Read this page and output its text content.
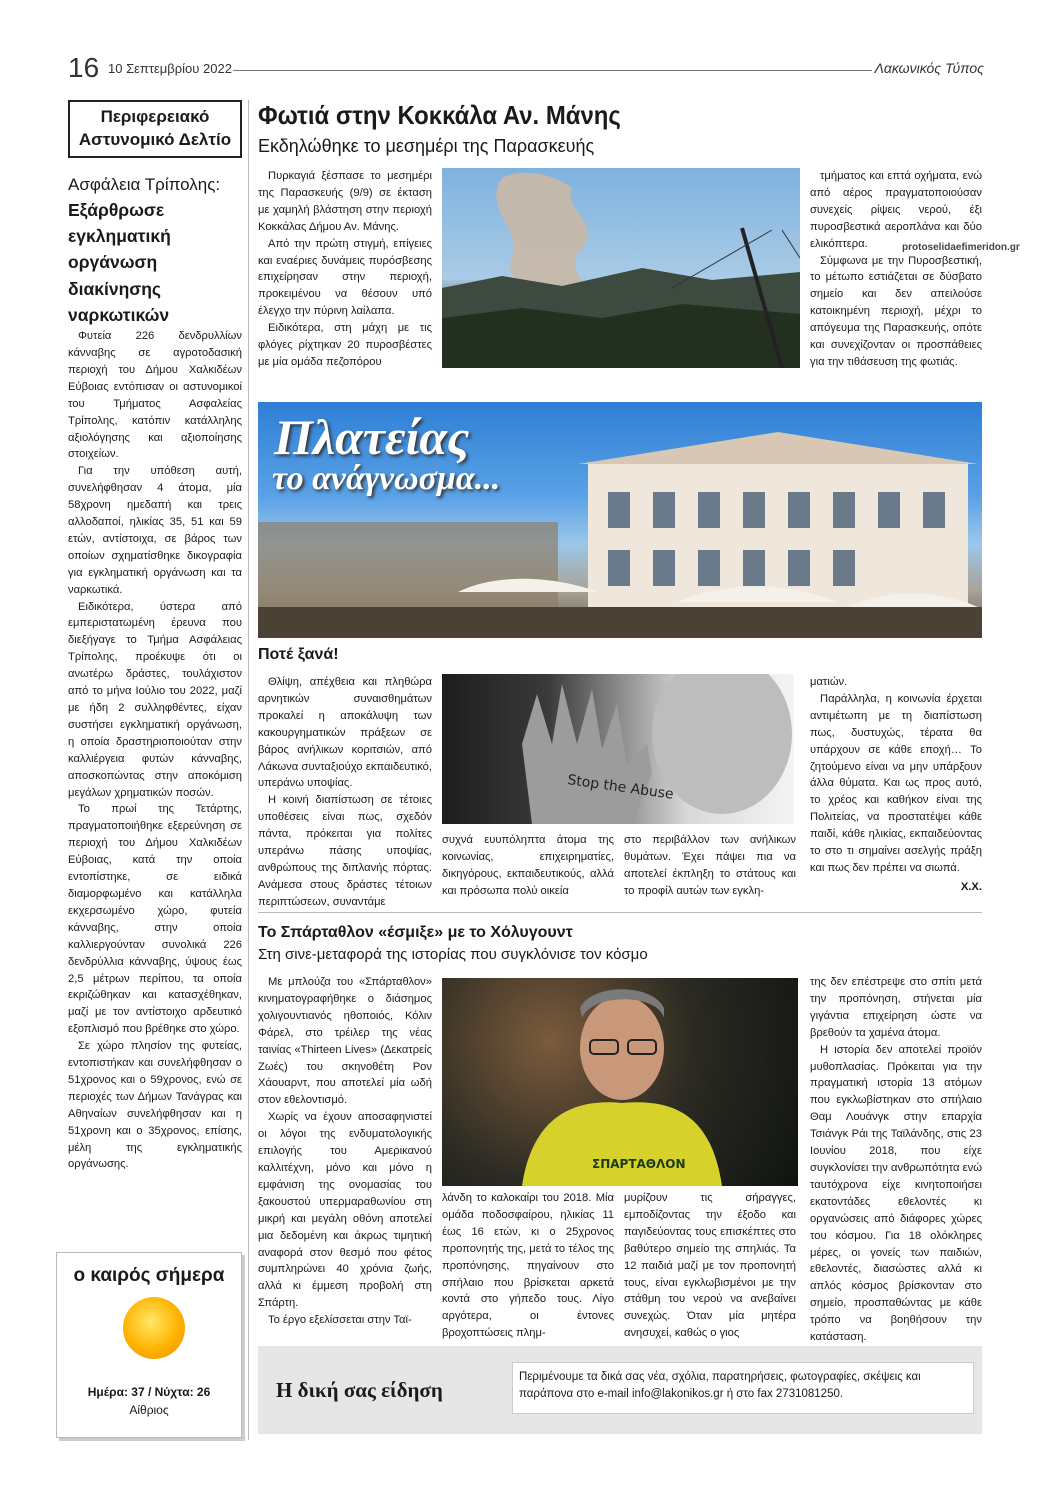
16 10 Σεπτεμβρίου 2022	Λακωνικός Τύπος
Περιφερειακό Αστυνομικό Δελτίο
Ασφάλεια Τρίπολης:
Εξάρθρωσε εγκληματική οργάνωση διακίνησης ναρκωτικών

Φυτεία 226 δενδρυλλίων κάνναβης σε αγροτοδασική περιοχή του Δήμου Χαλκιδέων Εύβοιας εντόπισαν οι αστυνομικοί του Τμήματος Ασφαλείας Τρίπολης, κατόπιν κατάλληλης αξιολόγησης και αξιοποίησης στοιχείων.

Για την υπόθεση αυτή, συνελήφθησαν 4 άτομα, μία 58χρονη ημεδαπή και τρεις αλλοδαποί, ηλικίας 35, 51 και 59 ετών, αντίστοιχα, σε βάρος των οποίων σχηματίσθηκε δικογραφία για εγκληματική οργάνωση και τα ναρκωτικά.

Ειδικότερα, ύστερα από εμπεριστατωμένη έρευνα που διεξήγαγε το Τμήμα Ασφάλειας Τρίπολης, προέκυψε ότι οι ανωτέρω δράστες, τουλάχιστον από το μήνα Ιούλιο του 2022, μαζί με ήδη 2 συλληφθέντες, είχαν συστήσει εγκληματική οργάνωση, η οποία δραστηριοποιούταν στην καλλιέργεια φυτών κάνναβης, αποσκοπώντας στην αποκόμιση μεγάλων χρηματικών ποσών.

Το πρωί της Τετάρτης, πραγματοποιήθηκε εξερεύνηση σε περιοχή του Δήμου Χαλκιδέων Εύβοιας, κατά την οποία εντοπίστηκε, σε ειδικά διαμορφωμένο και κατάλληλα εκχερσωμένο χώρο, φυτεία κάνναβης, στην οποία καλλιεργούνταν συνολικά 226 δενδρύλλια κάνναβης, ύψους έως 2,5 μέτρων περίπου, τα οποία εκριζώθηκαν και κατασχέθηκαν, μαζί με τον αντίστοιχο αρδευτικό εξοπλισμό που βρέθηκε στο χώρο.

Σε χώρο πλησίον της φυτείας, εντοπιστήκαν και συνελήφθησαν ο 51χρονος και ο 59χρονος, ενώ σε περιοχές των Δήμων Τανάγρας και Αθηναίων συνελήφθησαν και η 51χρονη και ο 35χρονος, επίσης, μέλη της εγκληματικής οργάνωσης.

ο καιρός σήμερα
Ημέρα: 37 / Νύχτα: 26
Αίθριος
Φωτιά στην Κοκκάλα Αν. Μάνης
Εκδηλώθηκε το μεσημέρι της Παρασκευής

Πυρκαγιά ξέσπασε το μεσημέρι της Παρασκευής (9/9) σε έκταση με χαμηλή βλάστηση στην περιοχή Κοκκάλας Δήμου Αν. Μάνης.

Από την πρώτη στιγμή, επίγειες και εναέριες δυνάμεις πυρόσβεσης επιχείρησαν στην περιοχή, προκειμένου να θέσουν υπό έλεγχο την πύρινη λαίλαπα.

Ειδικότερα, στη μάχη με τις φλόγες ρίχτηκαν 20 πυροσβέστες με μία ομάδα πεζοπόρου

τμήματος και επτά οχήματα, ενώ από αέρος πραγματοποιούσαν συνεχείς ρίψεις νερού, έξι πυροσβεστικά αεροπλάνα και δύο ελικόπτερα.

Σύμφωνα με την Πυροσβεστική, το μέτωπο εστιάζεται σε δύσβατο σημείο και δεν απειλούσε κατοικημένη περιοχή, μέχρι το απόγευμα της Παρασκευής, οπότε και συνεχίζονταν οι προσπάθειες για την τιθάσευση της φωτιάς.

protoselidaefimeridon.gr
Πλατείας
το ανάγνωσμα...
Ποτέ ξανά!

Θλίψη, απέχθεια και πληθώρα αρνητικών συναισθημάτων προκαλεί η αποκάλυψη των κακουργηματικών πράξεων σε βάρος ανήλικων κοριτσιών, από Λάκωνα συνταξιούχο εκπαιδευτικό, υπεράνω υποψίας.

Η κοινή διαπίστωση σε τέτοιες υποθέσεις είναι πως, σχεδόν πάντα, πρόκειται για πολίτες υπεράνω πάσης υποψίας, ανθρώπους της διπλανής πόρτας. Ανάμεσα στους δράστες τέτοιων περιπτώσεων, συναντάμε

Stop the Abuse

συχνά ευυπόληπτα άτομα της κοινωνίας, επιχειρηματίες, δικηγόρους, εκπαιδευτικούς, αλλά και πρόσωπα πολύ οικεία

στο περιβάλλον των ανήλικων θυμάτων. Έχει πάψει πια να αποτελεί έκπληξη το στάτους και το προφίλ αυτών των εγκλη-

ματιών.

Παράλληλα, η κοινωνία έρχεται αντιμέτωπη με τη διαπίστωση πως, δυστυχώς, τέρατα θα υπάρχουν σε κάθε εποχή… Το ζητούμενο είναι να μην υπάρξουν άλλα θύματα. Και ως προς αυτό, το χρέος και καθήκον είναι της Πολιτείας, να προστατέψει κάθε παιδί, κάθε ηλικίας, εκπαιδεύοντας το στο τι σημαίνει ασελγής πράξη και πως δεν πρέπει να σιωπά.

Χ.Χ.
Το Σπάρταθλον «έσμιξε» με το Χόλυγουντ
Στη σινε-μεταφορά της ιστορίας που συγκλόνισε τον κόσμο

Με μπλούζα του «Σπάρταθλον» κινηματογραφήθηκε ο διάσημος χολιγουντιανός ηθοποιός, Κόλιν Φάρελ, στο τρέιλερ της νέας ταινίας «Thirteen Lives» (Δεκατρείς Ζωές) του σκηνοθέτη Ρον Χάουαρντ, που αποτελεί μία ωδή στον εθελοντισμό.

Χωρίς να έχουν αποσαφηνιστεί οι λόγοι της ενδυματολογικής επιλογής του Αμερικανού καλλιτέχνη, μόνο και μόνο η εμφάνιση της ονομασίας του ξακουστού υπερμαραθωνίου στη μικρή και μεγάλη οθόνη αποτελεί μια δεδομένη και άκρως τιμητική αναφορά στον θεσμό που φέτος συμπληρώνει 40 χρόνια ζωής, αλλά κι έμμεση προβολή στη Σπάρτη.

Το έργο εξελίσσεται στην Ταϊ-

ΣΠΑΡΤΑΘΛΟΝ

λάνδη το καλοκαίρι του 2018. Μία ομάδα ποδοσφαίρου, ηλικίας 11 έως 16 ετών, κι ο 25χρονος προπονητής της, μετά το τέλος της προπόνησης, πηγαίνουν στο σπήλαιο που βρίσκεται αρκετά κοντά στο γήπεδο τους. Λίγο αργότερα, οι έντονες βροχοπτώσεις πλημ-

μυρίζουν τις σήραγγες, εμποδίζοντας την έξοδο και παγιδεύοντας τους επισκέπτες στο βαθύτερο σημείο της σπηλιάς. Τα 12 παιδιά μαζί με τον προπονητή τους, είναι εγκλωβισμένοι με την στάθμη του νερού να ανεβαίνει συνεχώς. Όταν μία μητέρα ανησυχεί, καθώς ο γιος

της δεν επέστρεψε στο σπίτι μετά την προπόνηση, στήνεται μία γιγάντια επιχείρηση ώστε να βρεθούν τα χαμένα άτομα.

Η ιστορία δεν αποτελεί προϊόν μυθοπλασίας. Πρόκειται για την πραγματική ιστορία 13 ατόμων που εγκλωβίστηκαν στο σπήλαιο Θαμ Λουάνγκ στην επαρχία Τσιάνγκ Ράι της Ταϊλάνδης, στις 23 Ιουνίου 2018, που είχε συγκλονίσει την ανθρωπότητα ενώ ταυτόχρονα είχε κινητοποιήσει εκατοντάδες εθελοντές κι οργανώσεις από διάφορες χώρες του κόσμου. Για 18 ολόκληρες μέρες, οι γονείς των παιδιών, εθελοντές, διασώστες αλλά κι απλός κόσμος βρίσκονταν στο σημείο, προσπαθώντας με κάθε τρόπο να βοηθήσουν την κατάσταση.

Η δική σας είδηση
Περιμένουμε τα δικά σας νέα, σχόλια, παρατηρήσεις, φωτογραφίες, σκέψεις και παράπονα στο e-mail info@lakonikos.gr ή στο fax 2731081250.
